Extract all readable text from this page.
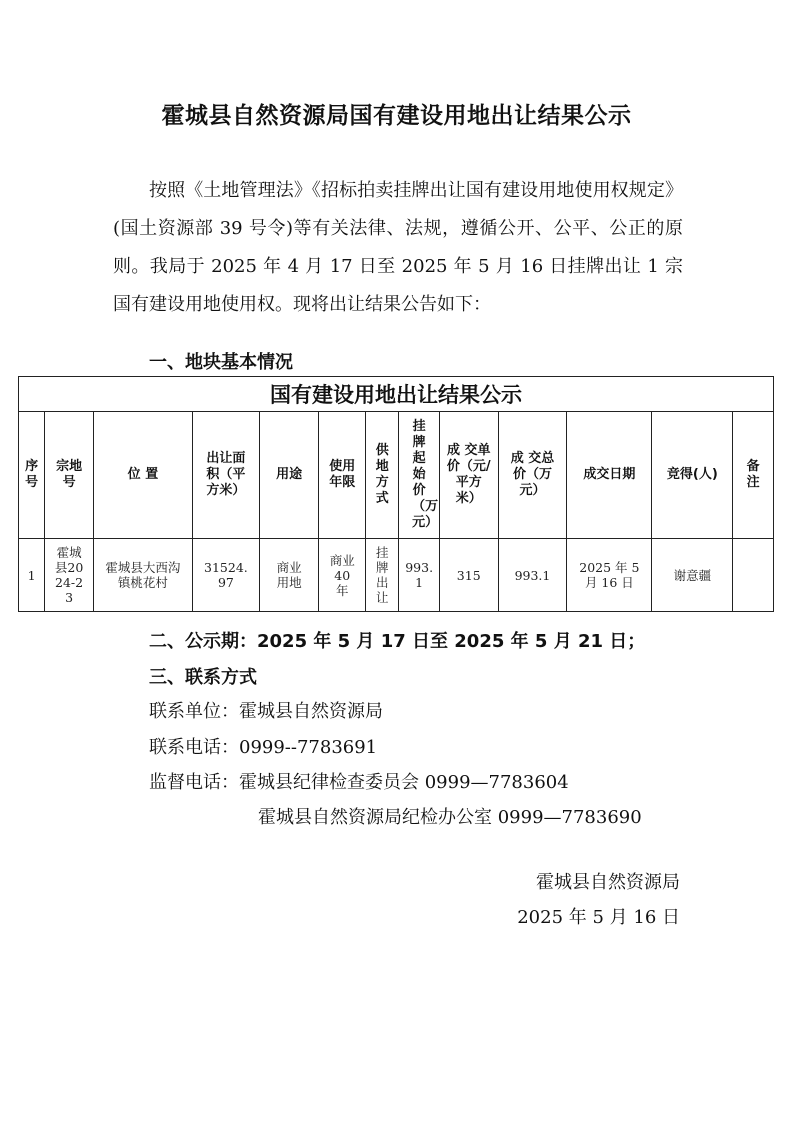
霍城县自然资源局国有建设用地出让结果公示

按照《土地管理法》《招标拍卖挂牌出让国有建设用地使用权规定》(国土资源部 39 号令)等有关法律、法规，遵循公开、公平、公正的原则。我局于 2025 年 4 月 17 日至 2025 年 5 月 16 日挂牌出让 1 宗国有建设用地使用权。现将出让结果公告如下：

一、地块基本情况
国有建设用地出让结果公示												
序号	宗地号	位 置	出让面积（平方米）	用途	使用年限	供地方式	挂牌起始价（万元）	成 交单 价（元/平方米）	成 交总 价（万元）	成交日期	竞得(人)	备注
1	霍城县2024-23	霍城县大西沟镇桃花村	31524.97	商业用地	商业40年	挂牌出让	993.1	315	993.1	2025 年 5 月 16 日	谢意疆	
二、公示期：2025 年 5 月 17 日至 2025 年 5 月 21 日；
三、联系方式
联系单位：霍城县自然资源局
联系电话：0999--7783691
监督电话：霍城县纪律检查委员会 0999—7783604
霍城县自然资源局纪检办公室 0999—7783690
霍城县自然资源局
2025 年 5 月 16 日
